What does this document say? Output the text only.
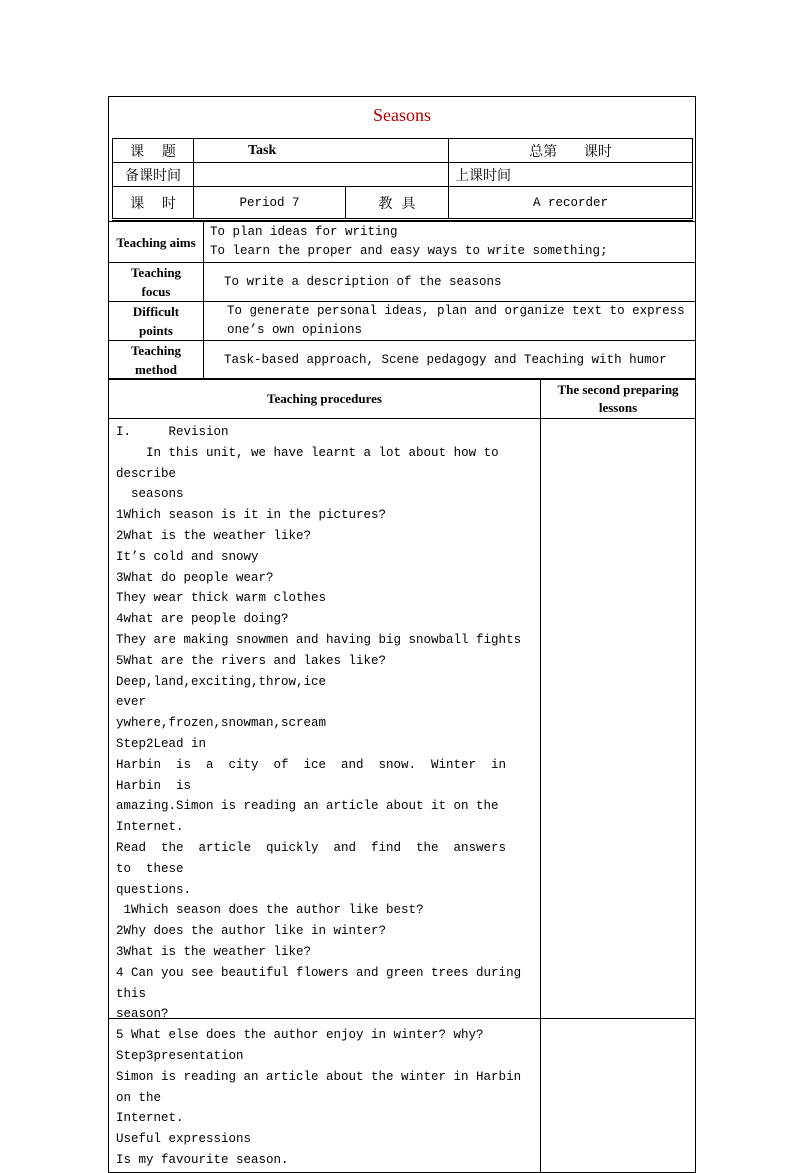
Seasons
课    题	Task		总第      课时
备课时间			上课时间
课    时	Period 7	教  具	A recorder
Teaching aims	To plan ideas for writing
To learn the proper and easy ways to write something;

Teaching focus	To write a description of the seasons
Difficult points	To generate personal ideas, plan and organize text to express one’s own opinions
Teaching method	Task-based approach, Scene pedagogy and Teaching with humor
Teaching procedures	The second preparing lessons

I.     Revision
In this unit, we have learnt a lot about how to describe
seasons
1Which season is it in the pictures?
2What is the weather like?
It’s cold and snowy
3What do people wear?
They wear thick warm clothes
4what are people doing?
They are making snowmen and having big snowball fights
5What are the rivers and lakes like?
Deep,land,exciting,throw,ice                          ever
ywhere,frozen,snowman,scream
Step2Lead in
Harbin  is  a  city  of  ice  and  snow.  Winter  in  Harbin  is
amazing.Simon is reading an article about it on the Internet.
Read  the  article  quickly  and  find  the  answers  to  these
questions.
1Which season does the author like best?
2Why does the author like in winter?
3What is the weather like?
4 Can you see beautiful flowers and green trees during this
season?
5 What else does the author enjoy in winter? why?
Step3presentation
Simon is reading an article about the winter in Harbin on the
Internet.
Useful expressions
Is my favourite season.
